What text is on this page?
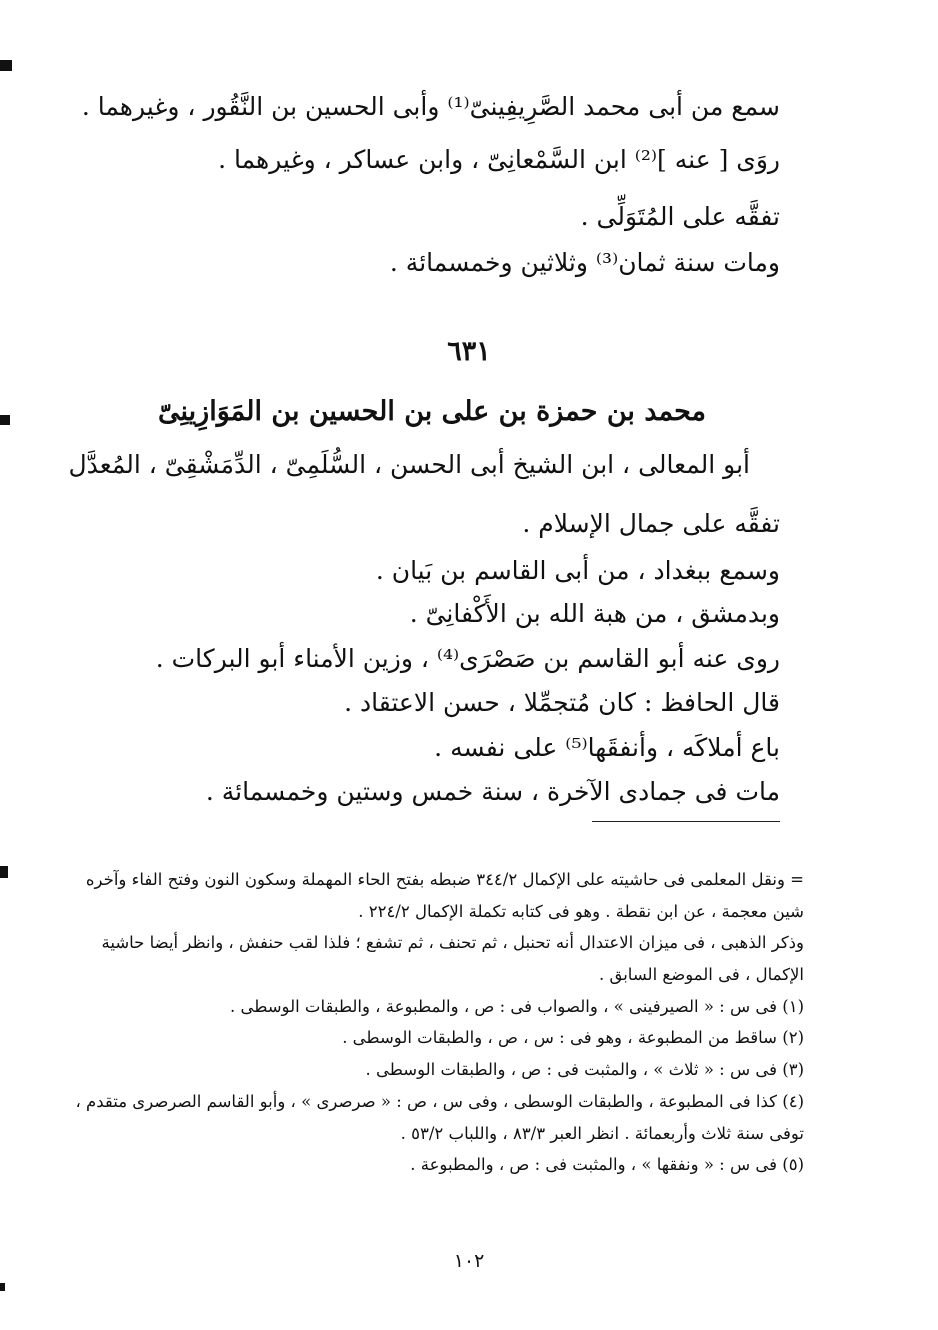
سمع من أبى محمد الصَّرِيفِينىّ⁽¹⁾ وأبى الحسين بن النَّقُور ، وغيرهما .
روَى [ عنه ]⁽²⁾ ابن السَّمْعانِىّ ، وابن عساكر ، وغيرهما .
تفقَّه على المُتَوَلِّى .
ومات سنة ثمان⁽³⁾ وثلاثين وخمسمائة .
٦٣١
محمد بن حمزة بن على بن الحسين بن المَوَازِينِىّ
أبو المعالى ، ابن الشيخ أبى الحسن ، السُّلَمِىّ ، الدِّمَشْقِىّ ، المُعدَّل
تفقَّه على جمال الإسلام .
وسمع ببغداد ، من أبى القاسم بن بَيان .
وبدمشق ، من هبة الله بن الأَكْفانِىّ .
روى عنه أبو القاسم بن صَصْرَى⁽⁴⁾ ، وزين الأمناء أبو البركات .
قال الحافظ : كان مُتجمِّلا ، حسن الاعتقاد .
باع أملاكَه ، وأنفقَها⁽⁵⁾ على نفسه .
مات فى جمادى الآخرة ، سنة خمس وستين وخمسمائة .
= ونقل المعلمى فى حاشيته على الإكمال ٣٤٤/٢ ضبطه بفتح الحاء المهملة وسكون النون وفتح الفاء وآخره
شين معجمة ، عن ابن نقطة . وهو فى كتابه تكملة الإكمال ٢٢٤/٢ .
وذكر الذهبى ، فى ميزان الاعتدال أنه تحنبل ، ثم تحنف ، ثم تشفع ؛ فلذا لقب حنفش ، وانظر أيضا حاشية
الإكمال ، فى الموضع السابق .
(١) فى س : « الصيرفينى » ، والصواب فى : ص ، والمطبوعة ، والطبقات الوسطى .
(٢) ساقط من المطبوعة ، وهو فى : س ، ص ، والطبقات الوسطى .
(٣) فى س : « ثلاث » ، والمثبت فى : ص ، والطبقات الوسطى .
(٤) كذا فى المطبوعة ، والطبقات الوسطى ، وفى س ، ص : « صرصرى » ، وأبو القاسم الصرصرى متقدم ،
توفى سنة ثلاث وأربعمائة . انظر العبر ٨٣/٣ ، واللباب ٥٣/٢ .
(٥) فى س : « ونفقها » ، والمثبت فى : ص ، والمطبوعة .
١٠٢
